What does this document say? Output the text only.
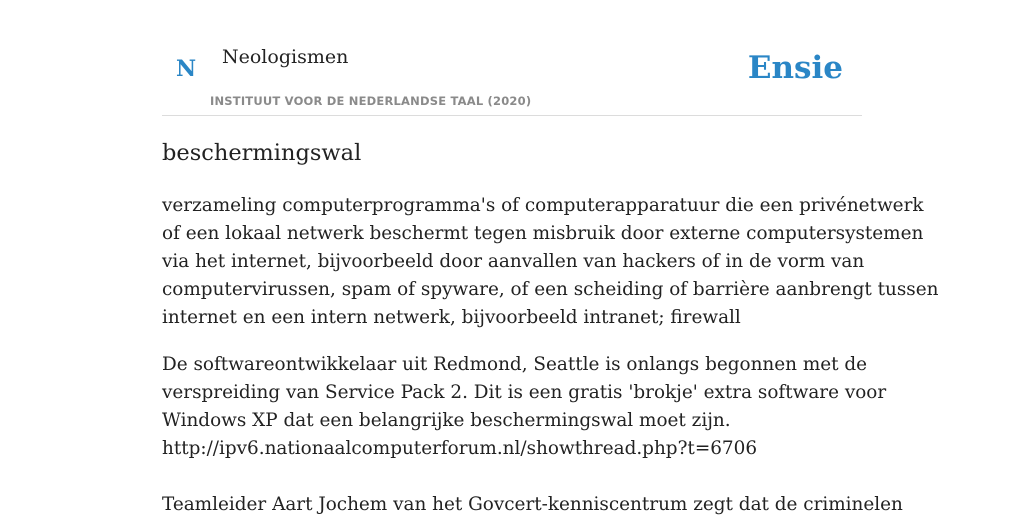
N Neologismen
INSTITUUT VOOR DE NEDERLANDSE TAAL (2020)
Ensie
beschermingswal
verzameling computerprogramma's of computerapparatuur die een privénetwerk
of een lokaal netwerk beschermt tegen misbruik door externe computersystemen
via het internet, bijvoorbeeld door aanvallen van hackers of in de vorm van
computervirussen, spam of spyware, of een scheiding of barrière aanbrengt tussen
internet en een intern netwerk, bijvoorbeeld intranet; firewall
De softwareontwikkelaar uit Redmond, Seattle is onlangs begonnen met de
verspreiding van Service Pack 2. Dit is een gratis 'brokje' extra software voor
Windows XP dat een belangrijke beschermingswal moet zijn.
http://ipv6.nationaalcomputerforum.nl/showthread.php?t=6706
Teamleider Aart Jochem van het Govcert-kenniscentrum zegt dat de criminelen
